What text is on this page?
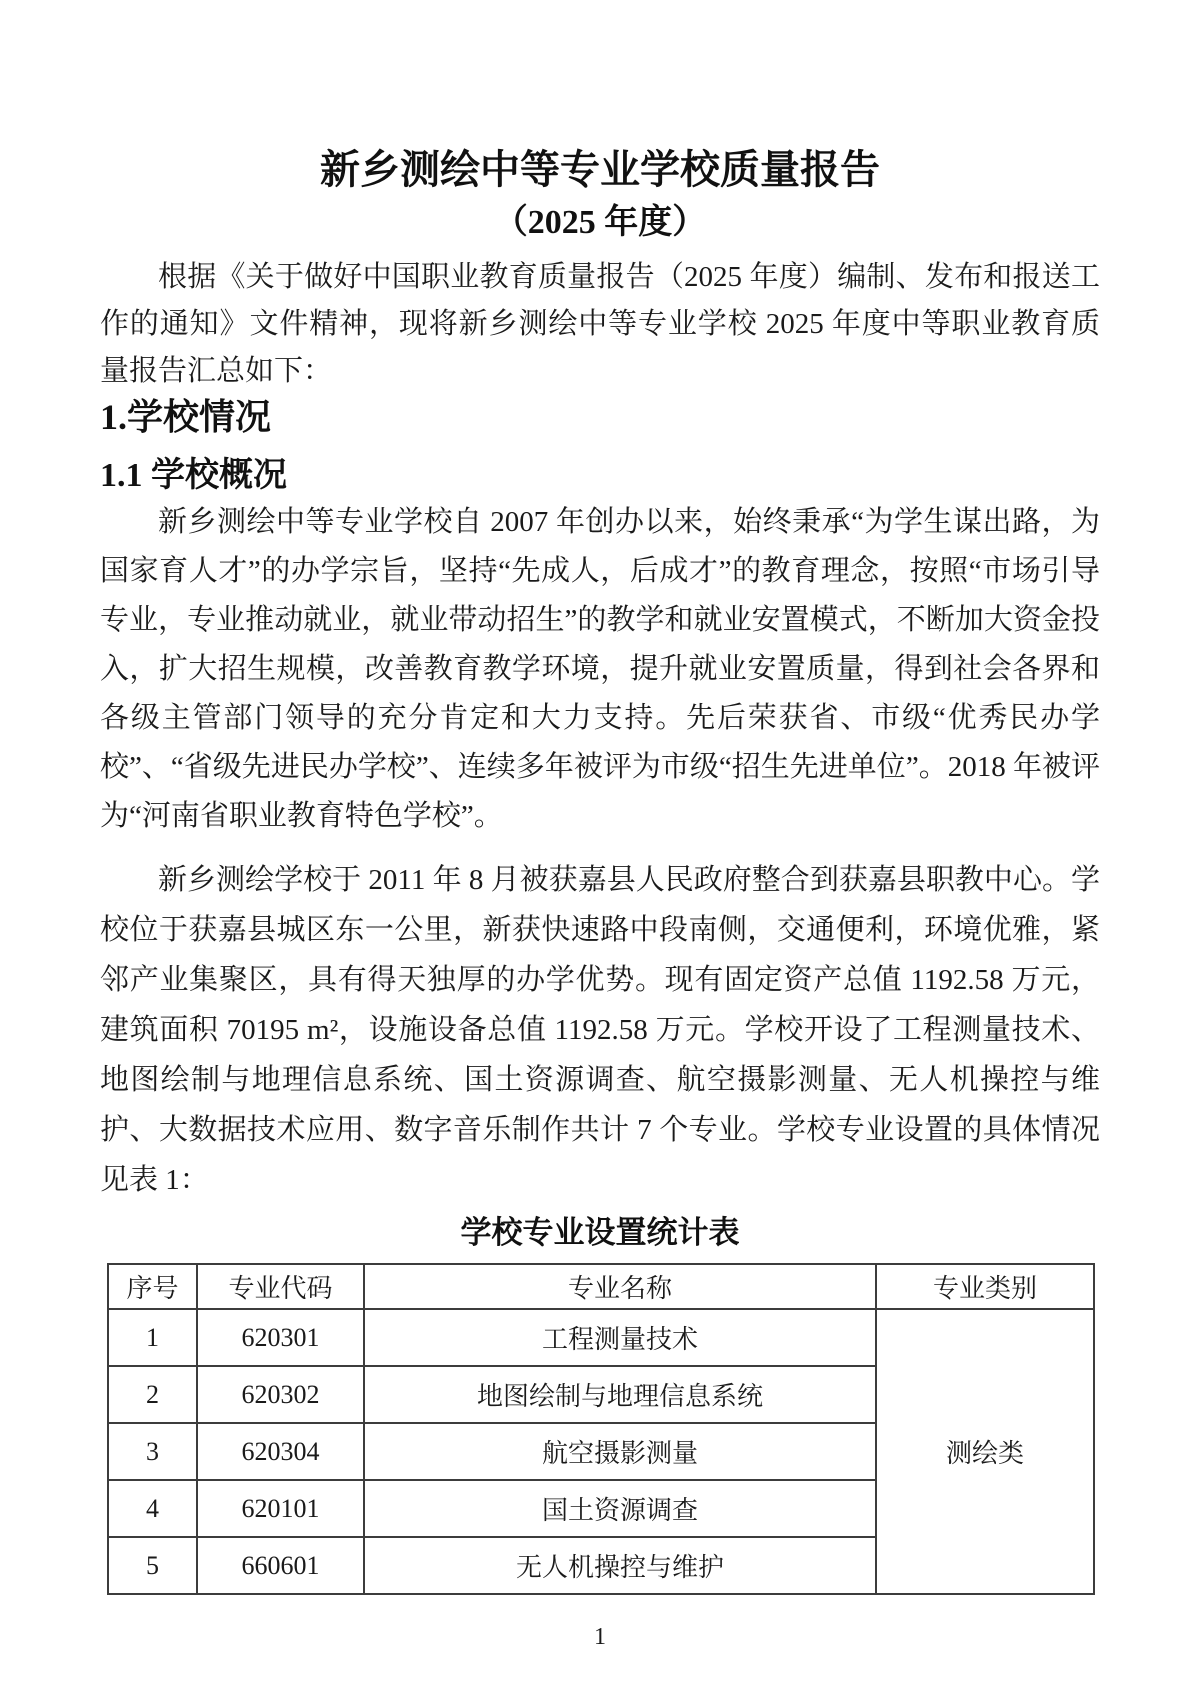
新乡测绘中等专业学校质量报告
（2025 年度）

根据《关于做好中国职业教育质量报告（2025 年度）编制、发布和报送工作的通知》文件精神，现将新乡测绘中等专业学校 2025 年度中等职业教育质量报告汇总如下：

1.学校情况
1.1 学校概况

新乡测绘中等专业学校自 2007 年创办以来，始终秉承“为学生谋出路，为国家育人才”的办学宗旨，坚持“先成人，后成才”的教育理念，按照“市场引导专业，专业推动就业，就业带动招生”的教学和就业安置模式，不断加大资金投入，扩大招生规模，改善教育教学环境，提升就业安置质量，得到社会各界和各级主管部门领导的充分肯定和大力支持。先后荣获省、市级“优秀民办学校”、“省级先进民办学校”、连续多年被评为市级“招生先进单位”。2018 年被评为“河南省职业教育特色学校”。

新乡测绘学校于 2011 年 8 月被获嘉县人民政府整合到获嘉县职教中心。学校位于获嘉县城区东一公里，新获快速路中段南侧，交通便利，环境优雅，紧邻产业集聚区，具有得天独厚的办学优势。现有固定资产总值 1192.58 万元，建筑面积 70195 m²，设施设备总值 1192.58 万元。学校开设了工程测量技术、地图绘制与地理信息系统、国土资源调查、航空摄影测量、无人机操控与维护、大数据技术应用、数字音乐制作共计 7 个专业。学校专业设置的具体情况见表 1：

学校专业设置统计表
序号	专业代码	专业名称	专业类别
1	620301	工程测量技术	测绘类
2	620302	地图绘制与地理信息系统	
3	620304	航空摄影测量	
4	620101	国土资源调查	
5	660601	无人机操控与维护	
1
